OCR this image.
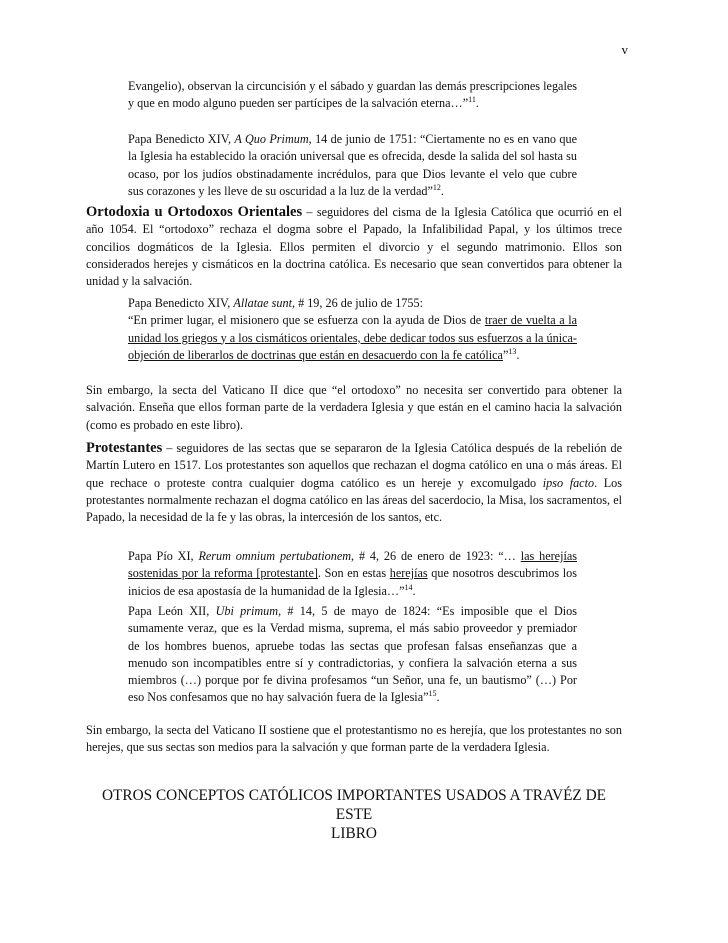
v
Evangelio), observan la circuncisión y el sábado y guardan las demás prescripciones legales y que en modo alguno pueden ser partícipes de la salvación eterna…”$^{11}$.
Papa Benedicto XIV, A Quo Primum, 14 de junio de 1751: “Ciertamente no es en vano que la Iglesia ha establecido la oración universal que es ofrecida, desde la salida del sol hasta su ocaso, por los judíos obstinadamente incrédulos, para que Dios levante el velo que cubre sus corazones y les lleve de su oscuridad a la luz de la verdad”$^{12}$.
Ortodoxia u Ortodoxos Orientales – seguidores del cisma de la Iglesia Católica que ocurrió en el año 1054. El “ortodoxo” rechaza el dogma sobre el Papado, la Infalibilidad Papal, y los últimos trece concilios dogmáticos de la Iglesia. Ellos permiten el divorcio y el segundo matrimonio. Ellos son considerados herejes y cismáticos en la doctrina católica. Es necesario que sean convertidos para obtener la unidad y la salvación.
Papa Benedicto XIV, Allatae sunt, # 19, 26 de julio de 1755:
“En primer lugar, el misionero que se esfuerza con la ayuda de Dios de traer de vuelta a la unidad los griegos y a los cismáticos orientales, debe dedicar todos sus esfuerzos a la única-objeción de liberarlos de doctrinas que están en desacuerdo con la fe católica”$^{13}$.
Sin embargo, la secta del Vaticano II dice que “el ortodoxo” no necesita ser convertido para obtener la salvación. Enseña que ellos forman parte de la verdadera Iglesia y que están en el camino hacia la salvación (como es probado en este libro).
Protestantes – seguidores de las sectas que se separaron de la Iglesia Católica después de la rebelión de Martín Lutero en 1517. Los protestantes son aquellos que rechazan el dogma católico en una o más áreas. El que rechace o proteste contra cualquier dogma católico es un hereje y excomulgado ipso facto. Los protestantes normalmente rechazan el dogma católico en las áreas del sacerdocio, la Misa, los sacramentos, el Papado, la necesidad de la fe y las obras, la intercesión de los santos, etc.
Papa Pío XI, Rerum omnium pertubationem, # 4, 26 de enero de 1923: “… las herejías sostenidas por la reforma [protestante]. Son en estas herejías que nosotros descubrimos los inicios de esa apostasía de la humanidad de la Iglesia…”$^{14}$.
Papa León XII, Ubi primum, # 14, 5 de mayo de 1824: “Es imposible que el Dios sumamente veraz, que es la Verdad misma, suprema, el más sabio proveedor y premiador de los hombres buenos, apruebe todas las sectas que profesan falsas enseñanzas que a menudo son incompatibles entre sí y contradictorias, y confiera la salvación eterna a sus miembros (…) porque por fe divina profesamos “un Señor, una fe, un bautismo” (…) Por eso Nos confesamos que no hay salvación fuera de la Iglesia”$^{15}$.
Sin embargo, la secta del Vaticano II sostiene que el protestantismo no es herejía, que los protestantes no son herejes, que sus sectas son medios para la salvación y que forman parte de la verdadera Iglesia.
OTROS CONCEPTOS CATÓLICOS IMPORTANTES USADOS A TRAVÉZ DE ESTE
LIBRO
